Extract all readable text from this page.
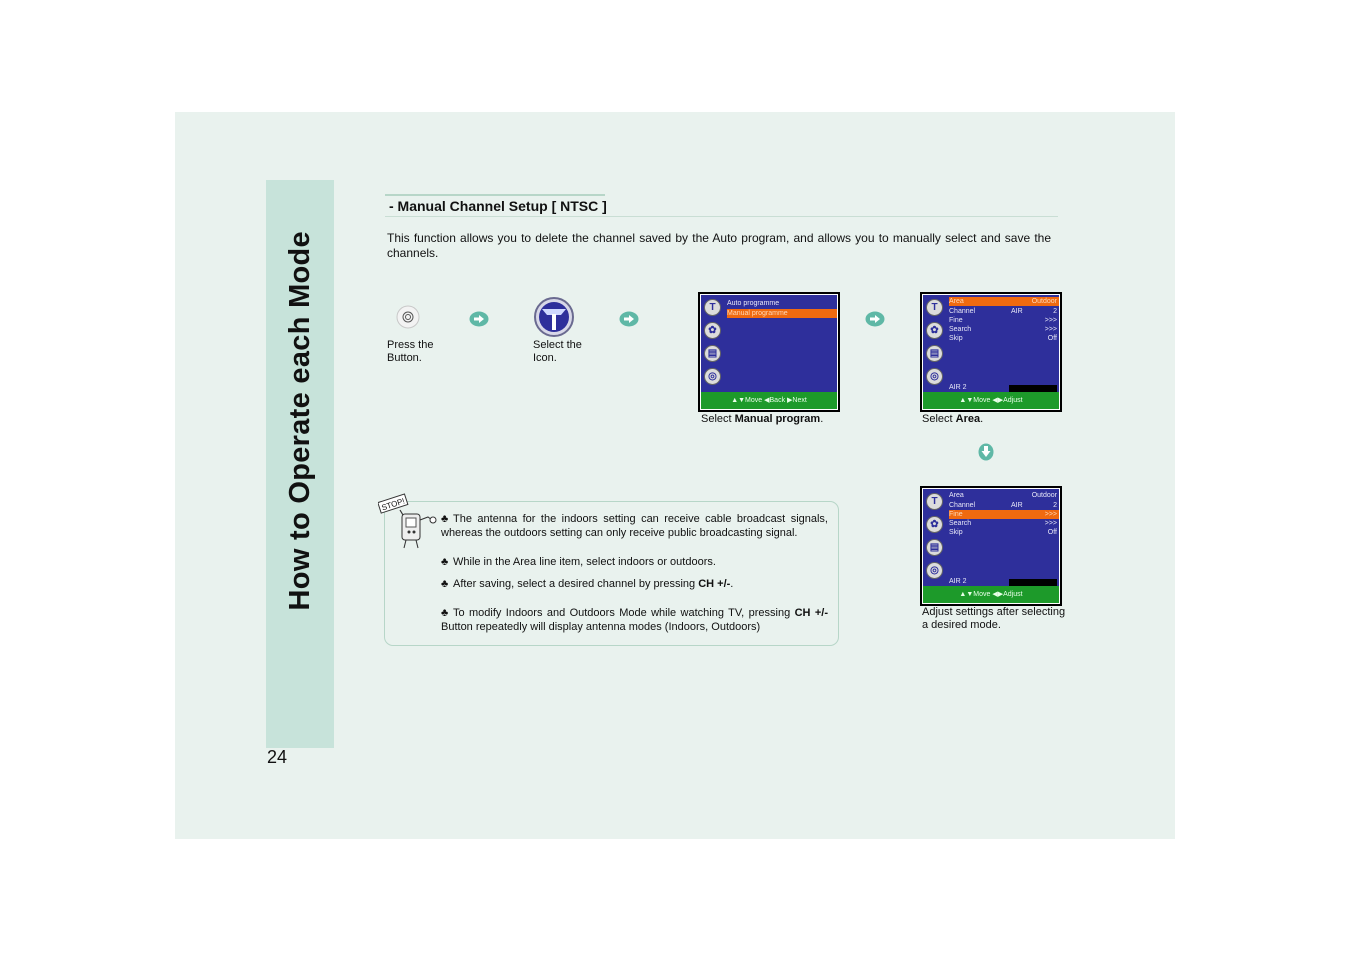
How to Operate each Mode
24
- Manual Channel Setup [ NTSC ]
This function allows you to delete the channel saved by the Auto program, and allows you to manually select and save the channels.
Press the
Button.
Select the
Icon.
T
✿
▤
◎
Auto programme
Manual programme
▲▼Move ◀Back ▶Next
Select Manual program.
T
✿
▤
◎
Area	Outdoor
Channel	AIR	2
Fine	>>>
Search	>>>
Skip	Off
AIR 2
▲▼Move ◀▶Adjust
Select Area.
T
✿
▤
◎
Area	Outdoor
Channel	AIR	2
Fine	>>>
Search	>>>
Skip	Off
AIR 2
▲▼Move ◀▶Adjust
Adjust settings after selecting
a desired mode.
STOP!
♣ The antenna for the indoors setting can receive cable broadcast signals, whereas the outdoors setting can only receive public broadcasting signal.
♣ While in the Area line item, select indoors or outdoors.
♣ After saving, select a desired channel by pressing CH +/-.
♣ To modify Indoors and Outdoors Mode while watching TV, pressing CH +/- Button repeatedly will display antenna modes (Indoors, Outdoors)
